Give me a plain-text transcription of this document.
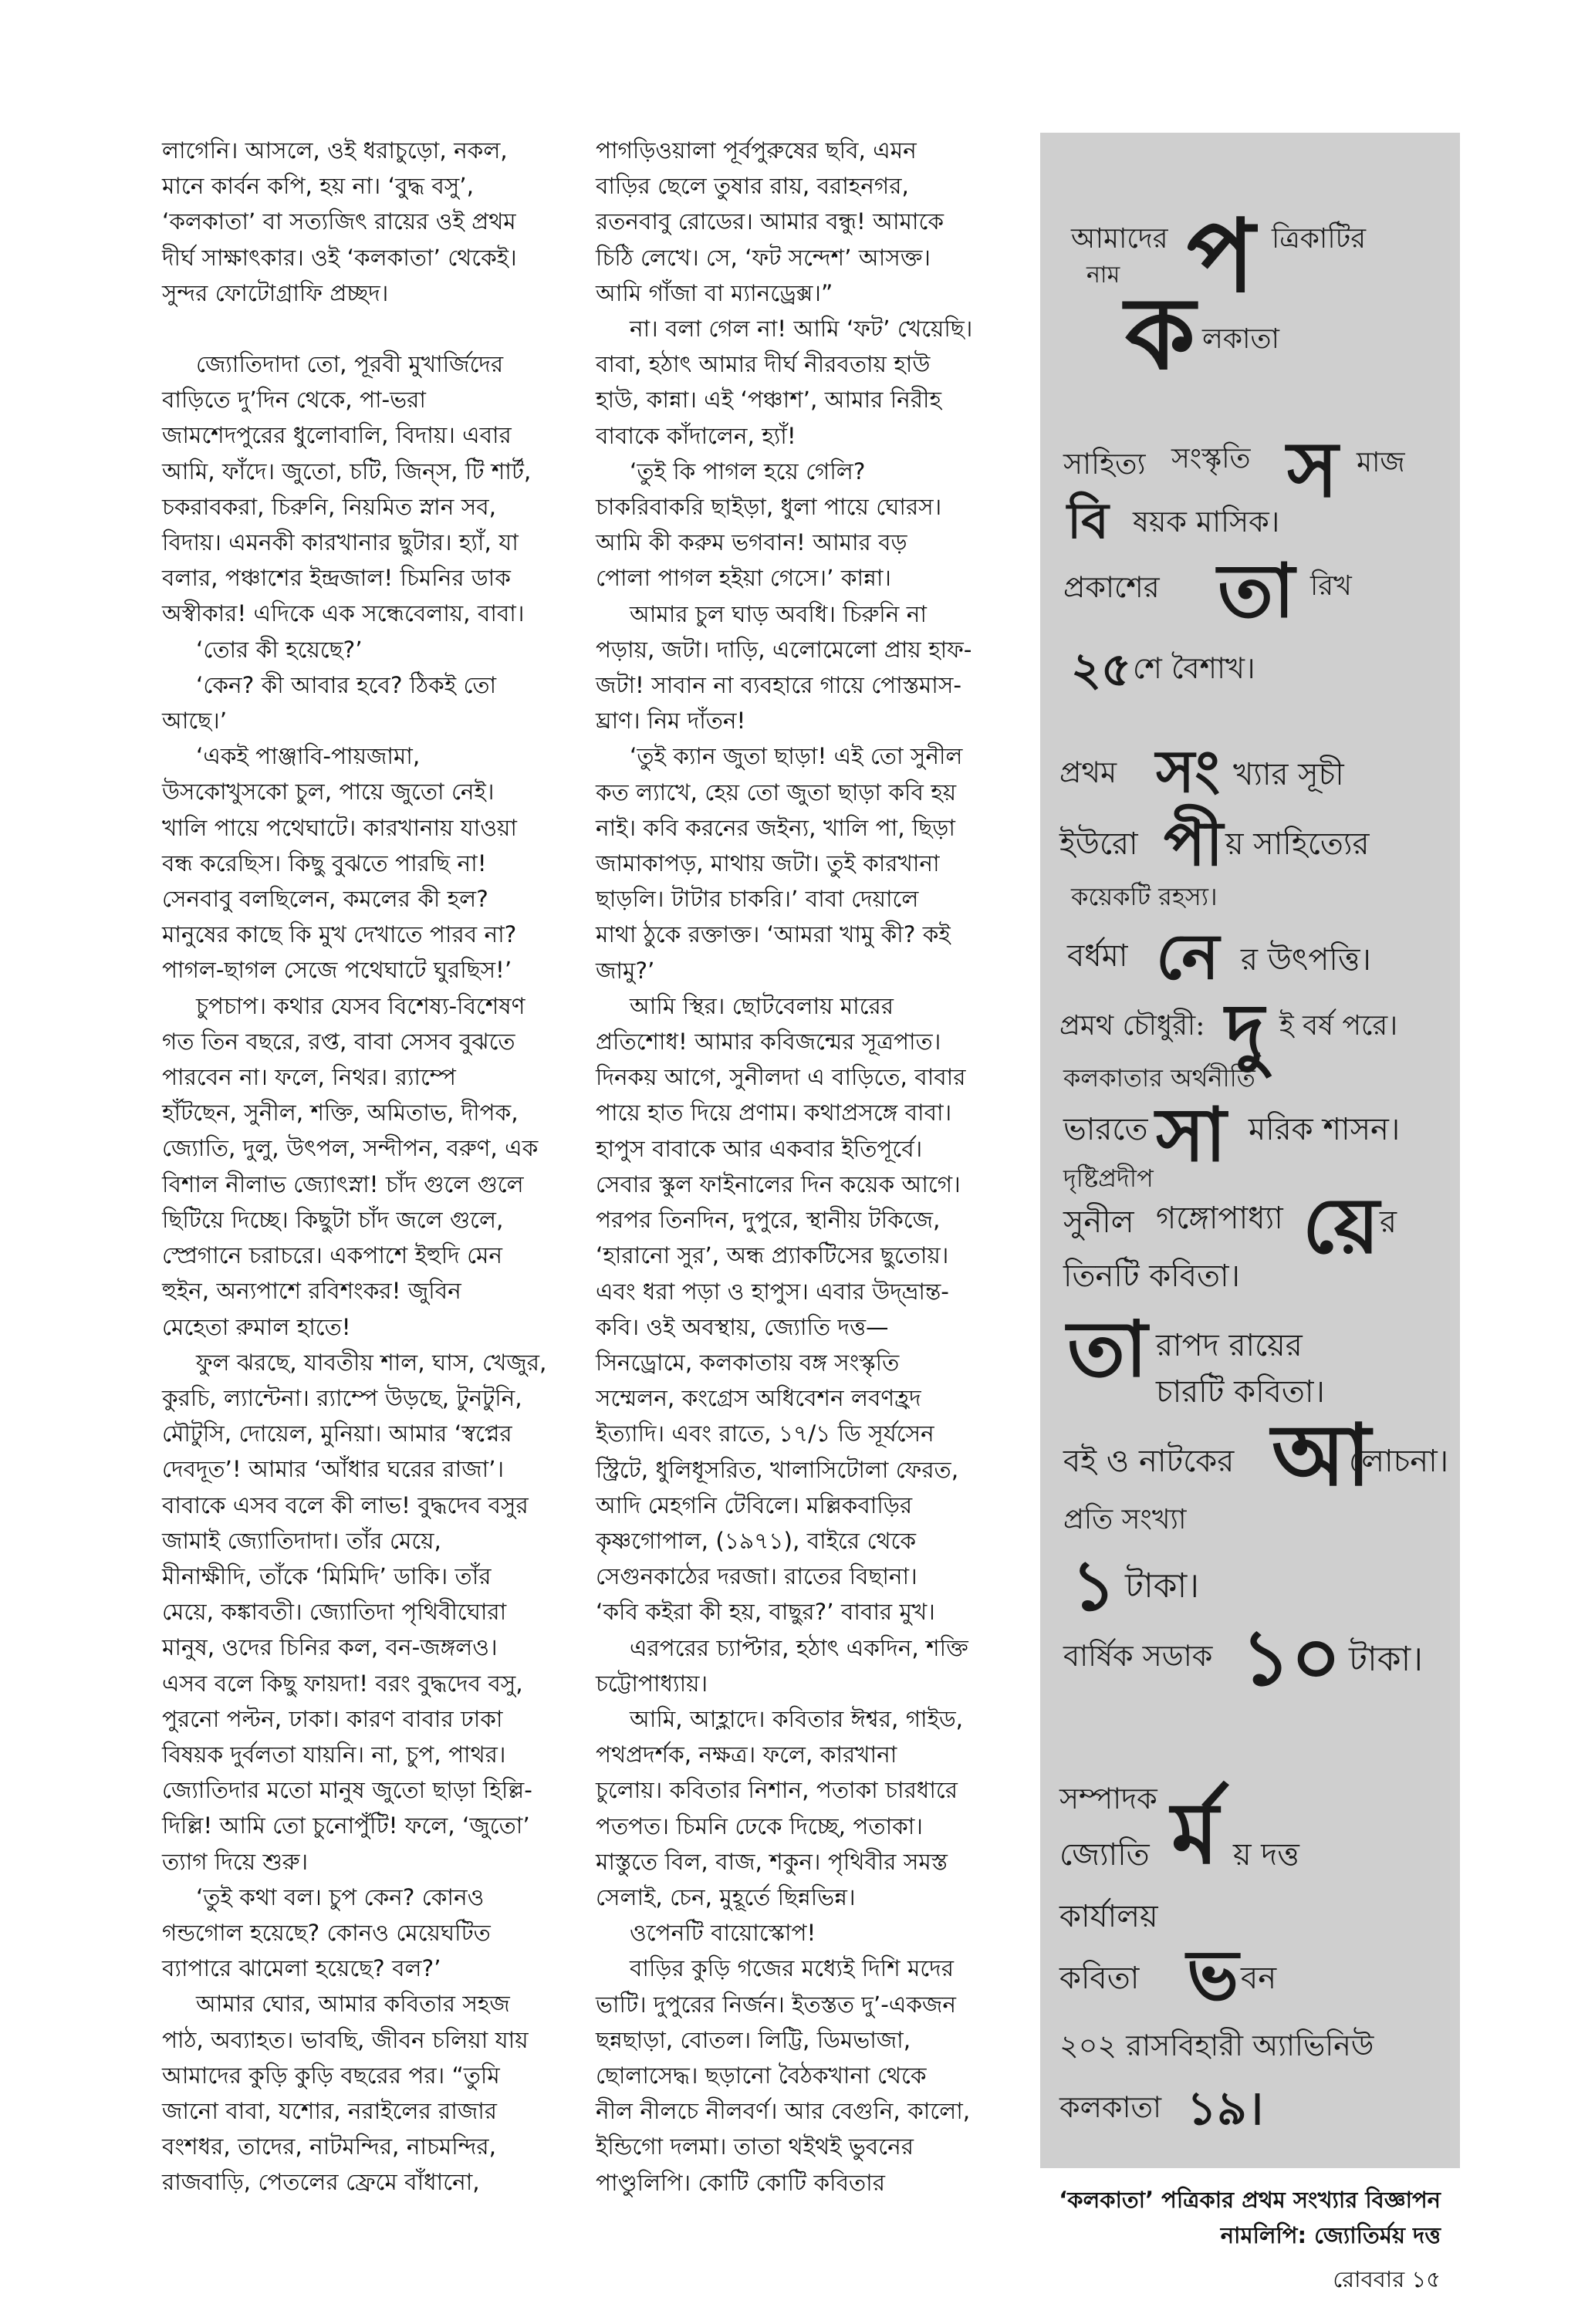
লাগেনি। আসলে, ওই ধরাচুড়ো, নকল,

মানে কার্বন কপি, হয় না। ‘বুদ্ধ বসু’,

‘কলকাতা’ বা সত্যজিৎ রায়ের ওই প্রথম

দীর্ঘ সাক্ষাৎকার। ওই ‘কলকাতা’ থেকেই।

সুন্দর ফোটোগ্রাফি প্রচ্ছদ।

জ্যোতিদাদা তো, পূরবী মুখার্জিদের

বাড়িতে দু’দিন থেকে, পা-ভরা

জামশেদপুরের ধুলোবালি, বিদায়। এবার

আমি, ফাঁদে। জুতো, চটি, জিন্‌স, টি শার্ট,

চকরাবকরা, চিরুনি, নিয়মিত স্নান সব,

বিদায়। এমনকী কারখানার ছুটার। হ্যাঁ, যা

বলার, পঞ্চাশের ইন্দ্রজাল! চিমনির ডাক

অস্বীকার! এদিকে এক সন্ধেবেলায়, বাবা।

‘তোর কী হয়েছে?’

‘কেন? কী আবার হবে? ঠিকই তো

আছে।’

‘একই পাঞ্জাবি-পায়জামা,

উসকোখুসকো চুল, পায়ে জুতো নেই।

খালি পায়ে পথেঘাটে। কারখানায় যাওয়া

বন্ধ করেছিস। কিছু বুঝতে পারছি না!

সেনবাবু বলছিলেন, কমলের কী হল?

মানুষের কাছে কি মুখ দেখাতে পারব না?

পাগল-ছাগল সেজে পথেঘাটে ঘুরছিস!’

চুপচাপ। কথার যেসব বিশেষ্য-বিশেষণ

গত তিন বছরে, রপ্ত, বাবা সেসব বুঝতে

পারবেন না। ফলে, নিথর। র‍্যাম্পে

হাঁটছেন, সুনীল, শক্তি, অমিতাভ, দীপক,

জ্যোতি, দুলু, উৎপল, সন্দীপন, বরুণ, এক

বিশাল নীলাভ জ্যোৎস্না! চাঁদ গুলে গুলে

ছিটিয়ে দিচ্ছে। কিছুটা চাঁদ জলে গুলে,

স্প্রেগানে চরাচরে। একপাশে ইহুদি মেন

হুইন, অন্যপাশে রবিশংকর! জুবিন

মেহেতা রুমাল হাতে!

ফুল ঝরছে, যাবতীয় শাল, ঘাস, খেজুর,

কুরচি, ল্যান্টেনা। র‍্যাম্পে উড়ছে, টুনটুনি,

মৌটুসি, দোয়েল, মুনিয়া। আমার ‘স্বপ্নের

দেবদূত’! আমার ‘আঁধার ঘরের রাজা’।

বাবাকে এসব বলে কী লাভ! বুদ্ধদেব বসুর

জামাই জ্যোতিদাদা। তাঁর মেয়ে,

মীনাক্ষীদি, তাঁকে ‘মিমিদি’ ডাকি। তাঁর

মেয়ে, কঙ্কাবতী। জ্যোতিদা পৃথিবীঘোরা

মানুষ, ওদের চিনির কল, বন-জঙ্গলও।

এসব বলে কিছু ফায়দা! বরং বুদ্ধদেব বসু,

পুরনো পল্টন, ঢাকা। কারণ বাবার ঢাকা

বিষয়ক দুর্বলতা যায়নি। না, চুপ, পাথর।

জ্যোতিদার মতো মানুষ জুতো ছাড়া হিল্লি-

দিল্লি! আমি তো চুনোপুঁটি! ফলে, ‘জুতো’

ত্যাগ দিয়ে শুরু।

‘তুই কথা বল। চুপ কেন? কোনও

গন্ডগোল হয়েছে? কোনও মেয়েঘটিত

ব্যাপারে ঝামেলা হয়েছে? বল?’

আমার ঘোর, আমার কবিতার সহজ

পাঠ, অব্যাহত। ভাবছি, জীবন চলিয়া যায়

আমাদের কুড়ি কুড়ি বছরের পর। “তুমি

জানো বাবা, যশোর, নরাইলের রাজার

বংশধর, তাদের, নাটমন্দির, নাচমন্দির,

রাজবাড়ি, পেতলের ফ্রেমে বাঁধানো,

পাগড়িওয়ালা পূর্বপুরুষের ছবি, এমন

বাড়ির ছেলে তুষার রায়, বরাহনগর,

রতনবাবু রোডের। আমার বন্ধু! আমাকে

চিঠি লেখে। সে, ‘ফট সন্দেশ’ আসক্ত।

আমি গাঁজা বা ম্যানড্রেক্স।”

না। বলা গেল না! আমি ‘ফট’ খেয়েছি।

বাবা, হঠাৎ আমার দীর্ঘ নীরবতায় হাউ

হাউ, কান্না। এই ‘পঞ্চাশ’, আমার নিরীহ

বাবাকে কাঁদালেন, হ্যাঁ!

‘তুই কি পাগল হয়ে গেলি?

চাকরিবাকরি ছাইড়া, ধুলা পায়ে ঘোরস।

আমি কী করুম ভগবান! আমার বড়

পোলা পাগল হইয়া গেসে।’ কান্না।

আমার চুল ঘাড় অবধি। চিরুনি না

পড়ায়, জটা। দাড়ি, এলোমেলো প্রায় হাফ-

জটা! সাবান না ব্যবহারে গায়ে পোস্তমাস-

ঘ্রাণ। নিম দাঁতন!

‘তুই ক্যান জুতা ছাড়া! এই তো সুনীল

কত ল্যাখে, হেয় তো জুতা ছাড়া কবি হয়

নাই। কবি করনের জইন্য, খালি পা, ছিড়া

জামাকাপড়, মাথায় জটা। তুই কারখানা

ছাড়লি। টাটার চাকরি।’ বাবা দেয়ালে

মাথা ঠুকে রক্তাক্ত। ‘আমরা খামু কী? কই

জামু?’

আমি স্থির। ছোটবেলায় মারের

প্রতিশোধ! আমার কবিজন্মের সূত্রপাত।

দিনকয় আগে, সুনীলদা এ বাড়িতে, বাবার

পায়ে হাত দিয়ে প্রণাম। কথাপ্রসঙ্গে বাবা।

হাপুস বাবাকে আর একবার ইতিপূর্বে।

সেবার স্কুল ফাইনালের দিন কয়েক আগে।

পরপর তিনদিন, দুপুরে, স্থানীয় টকিজে,

‘হারানো সুর’, অন্ধ প্র্যাকটিসের ছুতোয়।

এবং ধরা পড়া ও হাপুস। এবার উদ্‌ভ্রান্ত-

কবি। ওই অবস্থায়, জ্যোতি দত্ত—

সিনড্রোমে, কলকাতায় বঙ্গ সংস্কৃতি

সম্মেলন, কংগ্রেস অধিবেশন লবণহ্রদ

ইত্যাদি। এবং রাতে, ১৭/১ ডি সূর্যসেন

স্ট্রিটে, ধুলিধূসরিত, খালাসিটোলা ফেরত,

আদি মেহগনি টেবিলে। মল্লিকবাড়ির

কৃষ্ণগোপাল, (১৯৭১), বাইরে থেকে

সেগুনকাঠের দরজা। রাতের বিছানা।

‘কবি কইরা কী হয়, বাছুর?’ বাবার মুখ।

এরপরের চ্যাপ্টার, হঠাৎ একদিন, শক্তি

চট্টোপাধ্যায়।

আমি, আহ্লাদে। কবিতার ঈশ্বর, গাইড,

পথপ্রদর্শক, নক্ষত্র। ফলে, কারখানা

চুলোয়। কবিতার নিশান, পতাকা চারধারে

পতপত। চিমনি ঢেকে দিচ্ছে, পতাকা।

মাস্তুতে বিল, বাজ, শকুন। পৃথিবীর সমস্ত

সেলাই, চেন, মুহূর্তে ছিন্নভিন্ন।

ওপেনটি বায়োস্কোপ!

বাড়ির কুড়ি গজের মধ্যেই দিশি মদের

ভাটি। দুপুরের নির্জন। ইতস্তত দু’-একজন

ছন্নছাড়া, বোতল। লিট্টি, ডিমভাজা,

ছোলাসেদ্ধ। ছড়ানো বৈঠকখানা থেকে

নীল নীলচে নীলবর্ণ। আর বেগুনি, কালো,

ইন্ডিগো দলমা। তাতা থইথই ভুবনের

পাণ্ডুলিপি। কোটি কোটি কবিতার

আমাদের প ত্রিকাটির
নাম ক লকাতা
সাহিত্য সংস্কৃতি স মাজ
বি ষয়ক মাসিক।
প্রকাশের তা রিখ
২৫ শে বৈশাখ।
প্রথম সং খ্যার সূচী
ইউরো পী য় সাহিত্যের
কয়েকটি রহস্য।
বর্ধমা নে র উৎপত্তি।
প্রমথ চৌধুরী: দু ই বর্ষ পরে।
কলকাতার অর্থনীতি
ভারতে সা মরিক শাসন।
দৃষ্টিপ্রদীপ
সুনীল গঙ্গোপাধ্যা য়ে র
তিনটি কবিতা।
তা রাপদ রায়ের
চারটি কবিতা।
বই ও নাটকের আ
লোচনা।
প্রতি সংখ্যা
১ টাকা।
বার্ষিক সডাক ১০ টাকা।
সম্পাদক
জ্যোতি র্ম য় দত্ত
কার্যালয়
কবিতা ভ বন
২০২ রাসবিহারী অ্যাভিনিউ
কলকাতা ১৯।
‘কলকাতা’ পত্রিকার প্রথম সংখ্যার বিজ্ঞাপন
নামলিপি: জ্যোতির্ময় দত্ত
রোববার ১৫
